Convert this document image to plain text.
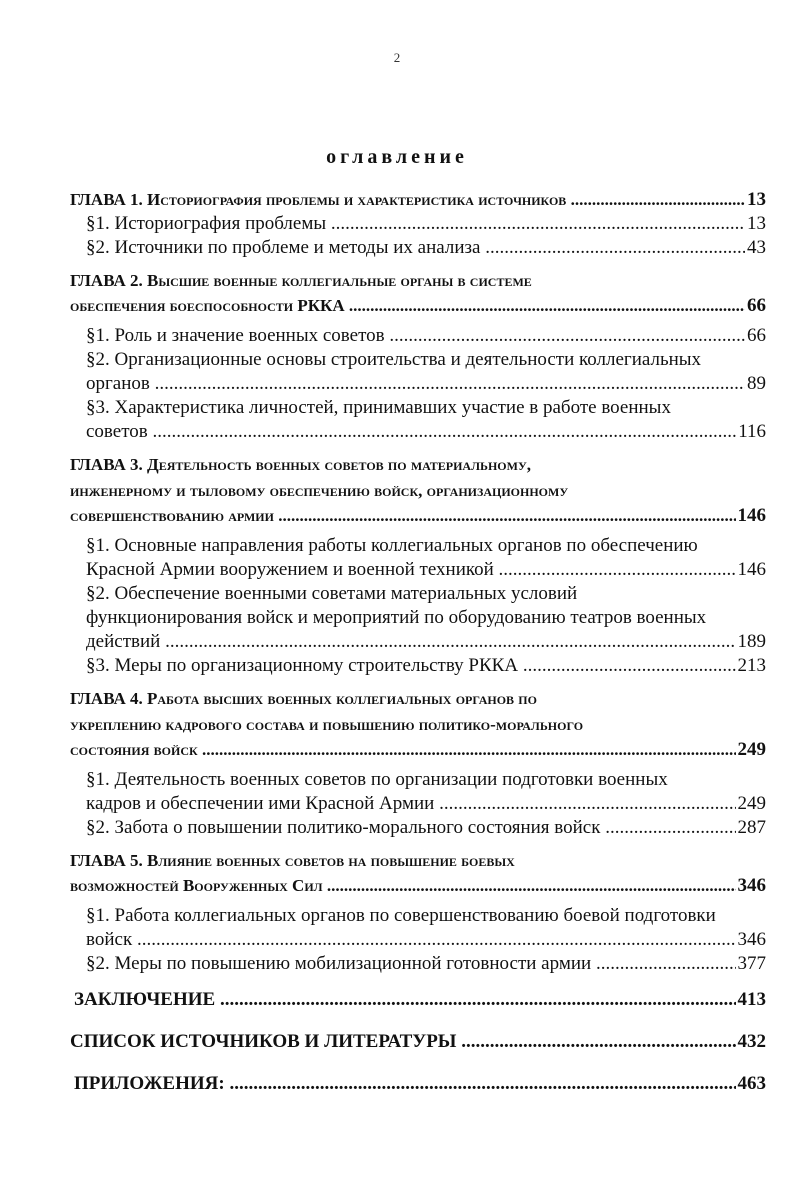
2
оглавление
ГЛАВА 1. Историография проблемы и характеристика источников .....	13
§1. Историография проблемы .....	13
§2. Источники по проблеме и методы их анализа .....	43
ГЛАВА 2. Высшие военные коллегиальные органы в системе
обеспечения боеспособности РККА .....	66
§1. Роль и значение военных советов .....	66
§2. Организационные основы строительства и деятельности коллегиальных
органов .....	89
§3. Характеристика личностей, принимавших участие в работе военных
советов .....	116
ГЛАВА 3. Деятельность военных советов по материальному,
инженерному и тыловому обеспечению войск, организационному
совершенствованию армии .....	146
§1. Основные направления работы коллегиальных органов по обеспечению
Красной Армии вооружением и военной техникой .....	146
§2. Обеспечение военными советами материальных условий
функционирования войск и мероприятий по оборудованию театров военных
действий .....	189
§3. Меры по организационному строительству РККА .....	213
ГЛАВА 4. Работа высших военных коллегиальных органов по
укреплению кадрового состава и повышению политико-морального
состояния войск .....	249
§1. Деятельность военных советов по организации подготовки военных
кадров и обеспечении ими Красной Армии .....	249
§2. Забота о повышении политико-морального состояния войск .....	287
ГЛАВА 5. Влияние военных советов на повышение боевых
возможностей Вооруженных Сил .....	346
§1. Работа коллегиальных органов по совершенствованию боевой подготовки
войск .....	346
§2. Меры по повышению мобилизационной готовности армии .....	377
ЗАКЛЮЧЕНИЕ .....	413
СПИСОК ИСТОЧНИКОВ И ЛИТЕРАТУРЫ .....	432
ПРИЛОЖЕНИЯ: .....	463
